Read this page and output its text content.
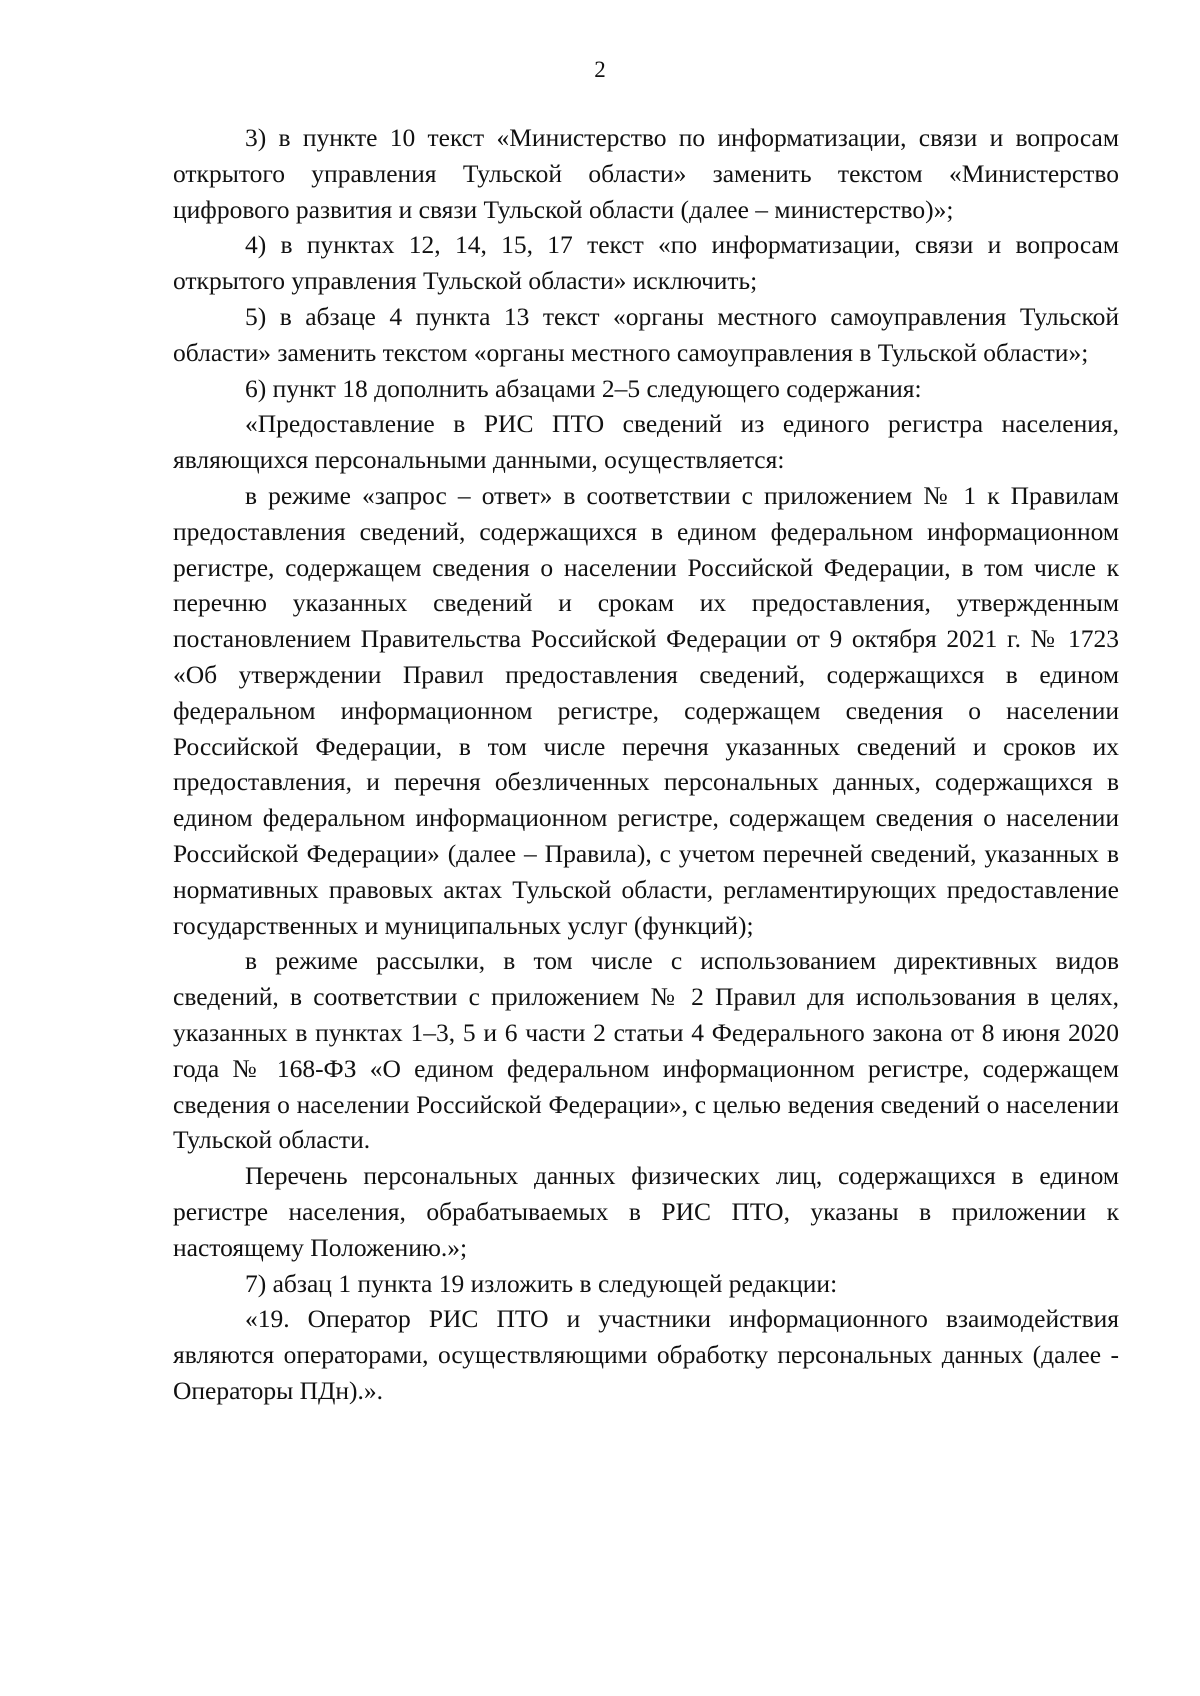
2

3) в пункте 10 текст «Министерство по информатизации, связи и вопросам открытого управления Тульской области» заменить текстом «Министерство цифрового развития и связи Тульской области (далее – министерство)»;

4) в пунктах 12, 14, 15, 17 текст «по информатизации, связи и вопросам открытого управления Тульской области» исключить;

5) в абзаце 4 пункта 13 текст «органы местного самоуправления Тульской области» заменить текстом «органы местного самоуправления в Тульской области»;

6) пункт 18 дополнить абзацами 2–5 следующего содержания:

«Предоставление в РИС ПТО сведений из единого регистра населения, являющихся персональными данными, осуществляется:

в режиме «запрос – ответ» в соответствии с приложением № 1 к Правилам предоставления сведений, содержащихся в едином федеральном информационном регистре, содержащем сведения о населении Российской Федерации, в том числе к перечню указанных сведений и срокам их предоставления, утвержденным постановлением Правительства Российской Федерации от 9 октября 2021 г. № 1723 «Об утверждении Правил предоставления сведений, содержащихся в едином федеральном информационном регистре, содержащем сведения о населении Российской Федерации, в том числе перечня указанных сведений и сроков их предоставления, и перечня обезличенных персональных данных, содержащихся в едином федеральном информационном регистре, содержащем сведения о населении Российской Федерации» (далее – Правила), с учетом перечней сведений, указанных в нормативных правовых актах Тульской области, регламентирующих предоставление государственных и муниципальных услуг (функций);

в режиме рассылки, в том числе с использованием директивных видов сведений, в соответствии с приложением № 2 Правил для использования в целях, указанных в пунктах 1–3, 5 и 6 части 2 статьи 4 Федерального закона от 8 июня 2020 года № 168-ФЗ «О едином федеральном информационном регистре, содержащем сведения о населении Российской Федерации», с целью ведения сведений о населении Тульской области.

Перечень персональных данных физических лиц, содержащихся в едином регистре населения, обрабатываемых в РИС ПТО, указаны в приложении к настоящему Положению.»;

7) абзац 1 пункта 19 изложить в следующей редакции:

«19. Оператор РИС ПТО и участники информационного взаимодействия являются операторами, осуществляющими обработку персональных данных (далее - Операторы ПДн).».
